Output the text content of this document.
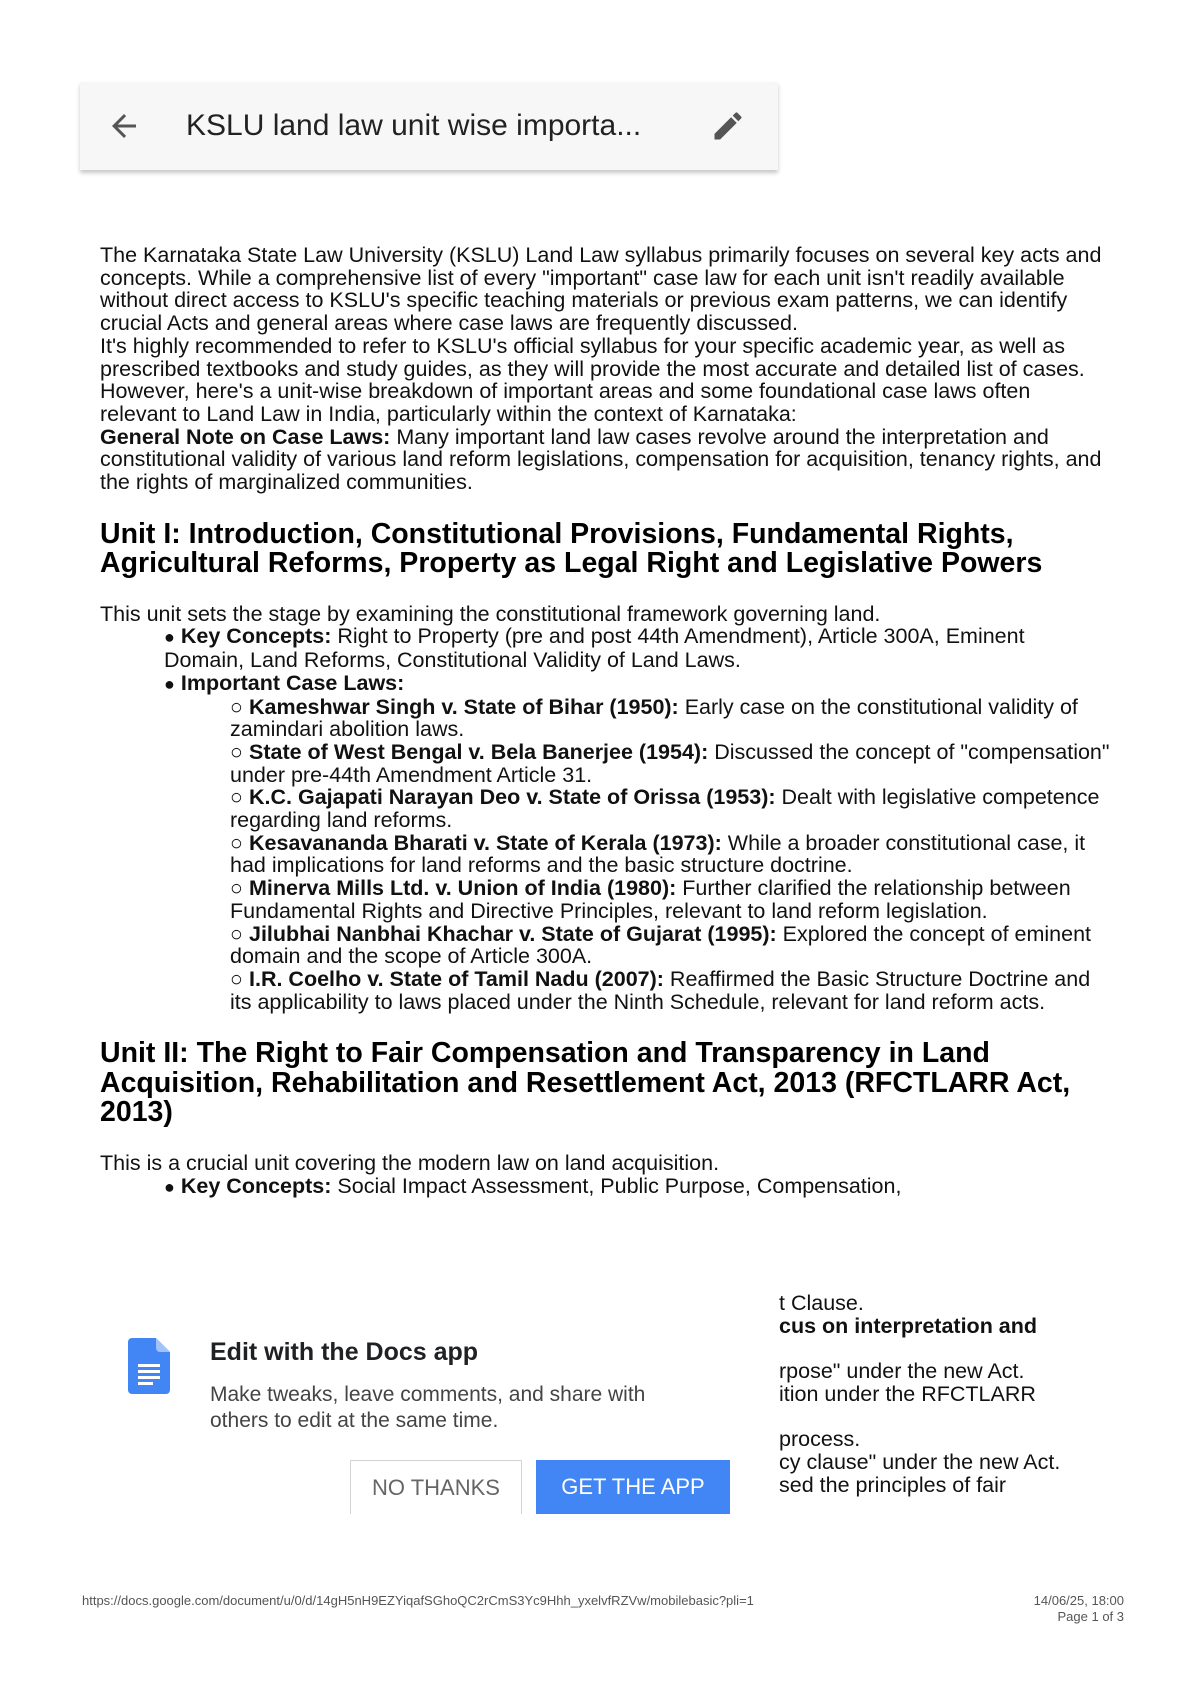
KSLU land law unit wise importa...

The Karnataka State Law University (KSLU) Land Law syllabus primarily focuses on several key acts and concepts. While a comprehensive list of every "important" case law for each unit isn't readily available without direct access to KSLU's specific teaching materials or previous exam patterns, we can identify crucial Acts and general areas where case laws are frequently discussed.

It's highly recommended to refer to KSLU's official syllabus for your specific academic year, as well as prescribed textbooks and study guides, as they will provide the most accurate and detailed list of cases. However, here's a unit-wise breakdown of important areas and some foundational case laws often relevant to Land Law in India, particularly within the context of Karnataka:

General Note on Case Laws: Many important land law cases revolve around the interpretation and constitutional validity of various land reform legislations, compensation for acquisition, tenancy rights, and the rights of marginalized communities.

Unit I: Introduction, Constitutional Provisions, Fundamental Rights, Agricultural Reforms, Property as Legal Right and Legislative Powers

This unit sets the stage by examining the constitutional framework governing land.

● Key Concepts: Right to Property (pre and post 44th Amendment), Article 300A, Eminent Domain, Land Reforms, Constitutional Validity of Land Laws.
● Important Case Laws:
○ Kameshwar Singh v. State of Bihar (1950): Early case on the constitutional validity of zamindari abolition laws.
○ State of West Bengal v. Bela Banerjee (1954): Discussed the concept of "compensation" under pre-44th Amendment Article 31.
○ K.C. Gajapati Narayan Deo v. State of Orissa (1953): Dealt with legislative competence regarding land reforms.
○ Kesavananda Bharati v. State of Kerala (1973): While a broader constitutional case, it had implications for land reforms and the basic structure doctrine.
○ Minerva Mills Ltd. v. Union of India (1980): Further clarified the relationship between Fundamental Rights and Directive Principles, relevant to land reform legislation.
○ Jilubhai Nanbhai Khachar v. State of Gujarat (1995): Explored the concept of eminent domain and the scope of Article 300A.
○ I.R. Coelho v. State of Tamil Nadu (2007): Reaffirmed the Basic Structure Doctrine and its applicability to laws placed under the Ninth Schedule, relevant for land reform acts.
Unit II: The Right to Fair Compensation and Transparency in Land Acquisition, Rehabilitation and Resettlement Act, 2013 (RFCTLARR Act, 2013)

This is a crucial unit covering the modern law on land acquisition.

● Key Concepts: Social Impact Assessment, Public Purpose, Compensation,
t Clause.
cus on interpretation and
rpose" under the new Act.
ition under the RFCTLARR
process.
cy clause" under the new Act.
sed the principles of fair
Edit with the Docs app
Make tweaks, leave comments, and share with others to edit at the same time.
NO THANKS	GET THE APP
https://docs.google.com/document/u/0/d/14gH5nH9EZYiqafSGhoQC2rCmS3Yc9Hhh_yxelvfRZVw/mobilebasic?pli=1	14/06/25, 18:00
Page 1 of 3
